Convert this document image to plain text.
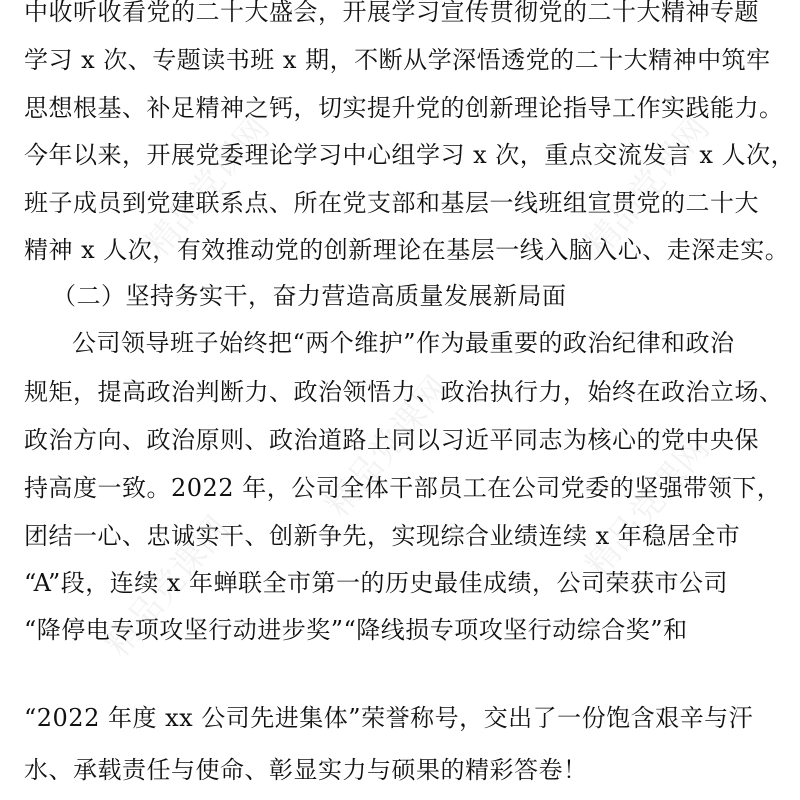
精品党课网
精品党课网
精品党课网
精品党课网
精品党课网
中收听收看党的二十大盛会，开展学习宣传贯彻党的二十大精神专题
学习 x 次、专题读书班 x 期，不断从学深悟透党的二十大精神中筑牢
思想根基、补足精神之钙，切实提升党的创新理论指导工作实践能力。
今年以来，开展党委理论学习中心组学习 x 次，重点交流发言 x 人次，
班子成员到党建联系点、所在党支部和基层一线班组宣贯党的二十大
精神 x 人次，有效推动党的创新理论在基层一线入脑入心、走深走实。
（二）坚持务实干，奋力营造高质量发展新局面
公司领导班子始终把“两个维护”作为最重要的政治纪律和政治
规矩，提高政治判断力、政治领悟力、政治执行力，始终在政治立场、
政治方向、政治原则、政治道路上同以习近平同志为核心的党中央保
持高度一致。2022 年，公司全体干部员工在公司党委的坚强带领下，
团结一心、忠诚实干、创新争先，实现综合业绩连续 x 年稳居全市
“A”段，连续 x 年蝉联全市第一的历史最佳成绩，公司荣获市公司
“降停电专项攻坚行动进步奖”“降线损专项攻坚行动综合奖”和
“2022 年度 xx 公司先进集体”荣誉称号，交出了一份饱含艰辛与汗
水、承载责任与使命、彰显实力与硕果的精彩答卷！
